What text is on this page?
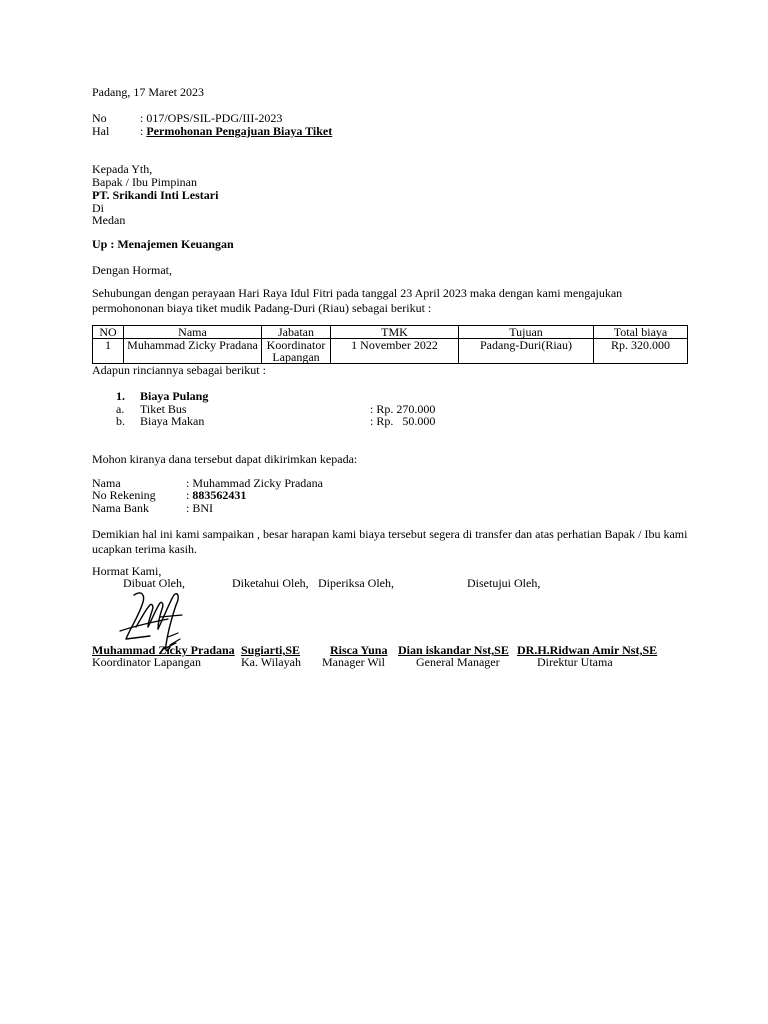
Padang, 17 Maret 2023
No	: 017/OPS/SIL-PDG/III-2023
Hal	: Permohonan Pengajuan Biaya Tiket
Kepada Yth,
Bapak / Ibu Pimpinan
PT. Srikandi Inti Lestari
Di
Medan
Up : Menajemen Keuangan
Dengan Hormat,
Sehubungan dengan perayaan Hari Raya Idul Fitri pada tanggal 23 April 2023 maka dengan kami mengajukan permohononan biaya tiket mudik Padang-Duri (Riau) sebagai berikut :
NO	Nama	Jabatan	TMK	Tujuan	Total biaya
1	Muhammad Zicky Pradana	Koordinator Lapangan	1 November 2022	Padang-Duri(Riau)	Rp. 320.000
Adapun rinciannya sebagai berikut :
1. Biaya Pulang
a. Tiket Bus	: Rp. 270.000
b. Biaya Makan	: Rp.   50.000
Mohon kiranya dana tersebut dapat dikirimkan kepada:
Nama	: Muhammad Zicky Pradana
No Rekening	: 883562431
Nama Bank	: BNI
Demikian hal ini kami sampaikan , besar harapan kami biaya tersebut segera di transfer dan atas perhatian Bapak / Ibu kami ucapkan terima kasih.
Hormat Kami,
Dibuat Oleh,	Diketahui Oleh, Diperiksa Oleh,	Disetujui Oleh,
Muhammad Zicky Pradana
Koordinator Lapangan
Sugiarti,SE
Ka. Wilayah
Risca Yuna
Manager Wil
Dian iskandar Nst,SE
General Manager
DR.H.Ridwan Amir Nst,SE
Direktur Utama
